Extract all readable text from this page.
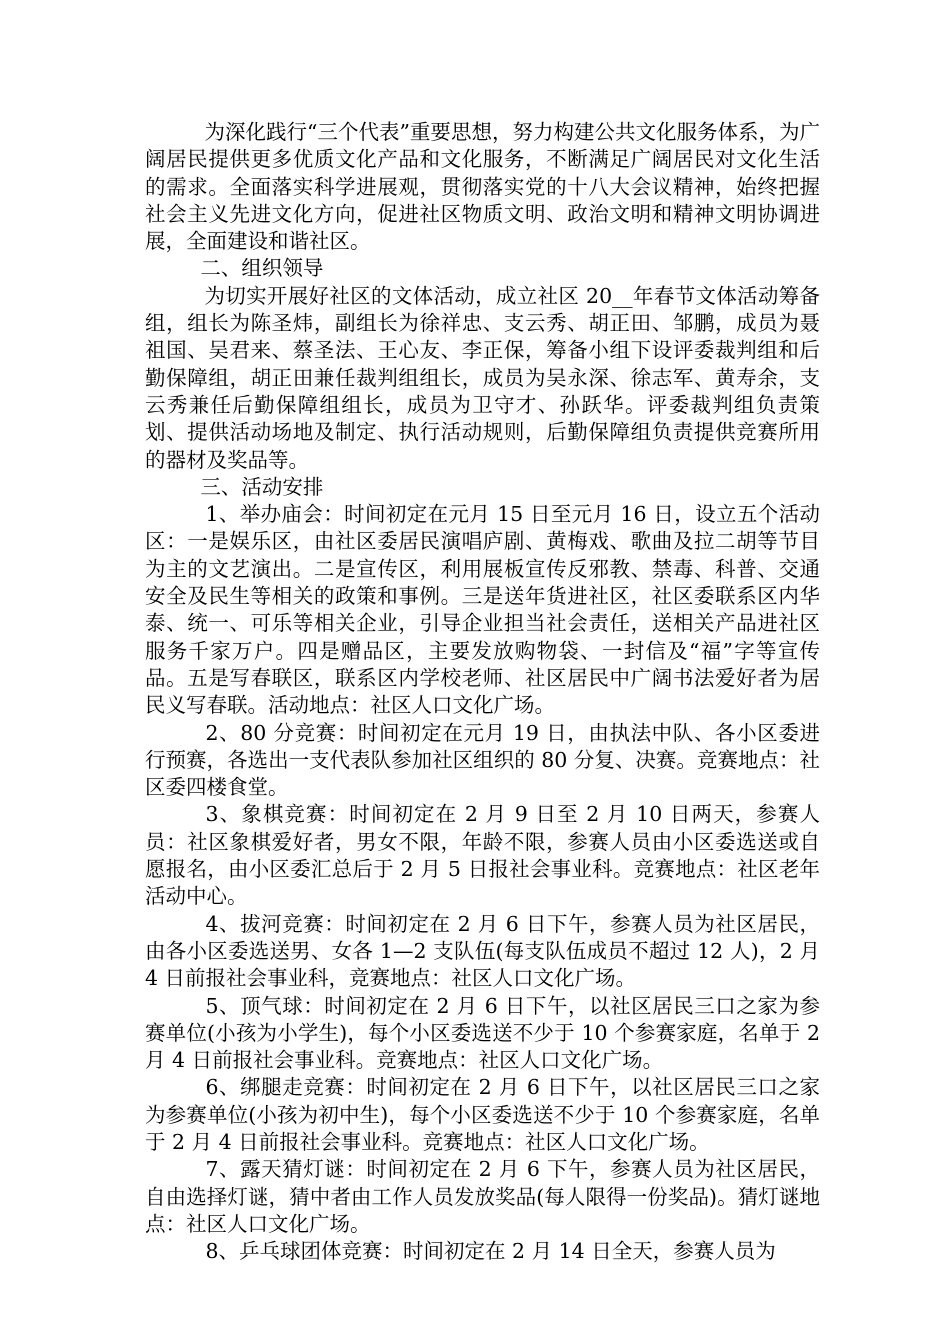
为深化践行“三个代表”重要思想，努力构建公共文化服务体系，为广阔居民提供更多优质文化产品和文化服务，不断满足广阔居民对文化生活的需求。全面落实科学进展观，贯彻落实党的十八大会议精神，始终把握社会主义先进文化方向，促进社区物质文明、政治文明和精神文明协调进展，全面建设和谐社区。

二、组织领导

为切实开展好社区的文体活动，成立社区 20__年春节文体活动筹备组，组长为陈圣炜，副组长为徐祥忠、支云秀、胡正田、邹鹏，成员为聂祖国、吴君来、蔡圣法、王心友、李正保，筹备小组下设评委裁判组和后勤保障组，胡正田兼任裁判组组长，成员为吴永深、徐志军、黄寿余，支云秀兼任后勤保障组组长，成员为卫守才、孙跃华。评委裁判组负责策划、提供活动场地及制定、执行活动规则，后勤保障组负责提供竞赛所用的器材及奖品等。

三、活动安排

1、举办庙会：时间初定在元月 15 日至元月 16 日，设立五个活动区：一是娱乐区，由社区委居民演唱庐剧、黄梅戏、歌曲及拉二胡等节目为主的文艺演出。二是宣传区，利用展板宣传反邪教、禁毒、科普、交通安全及民生等相关的政策和事例。三是送年货进社区，社区委联系区内华泰、统一、可乐等相关企业，引导企业担当社会责任，送相关产品进社区服务千家万户。四是赠品区，主要发放购物袋、一封信及“福”字等宣传品。五是写春联区，联系区内学校老师、社区居民中广阔书法爱好者为居民义写春联。活动地点：社区人口文化广场。

2、80 分竞赛：时间初定在元月 19 日，由执法中队、各小区委进行预赛，各选出一支代表队参加社区组织的 80 分复、决赛。竞赛地点：社区委四楼食堂。

3、象棋竞赛：时间初定在 2 月 9 日至 2 月 10 日两天，参赛人员：社区象棋爱好者，男女不限，年龄不限，参赛人员由小区委选送或自愿报名，由小区委汇总后于 2 月 5 日报社会事业科。竞赛地点：社区老年活动中心。

4、拔河竞赛：时间初定在 2 月 6 日下午，参赛人员为社区居民，由各小区委选送男、女各 1—2 支队伍(每支队伍成员不超过 12 人)，2 月 4 日前报社会事业科，竞赛地点：社区人口文化广场。

5、顶气球：时间初定在 2 月 6 日下午，以社区居民三口之家为参赛单位(小孩为小学生)，每个小区委选送不少于 10 个参赛家庭，名单于 2 月 4 日前报社会事业科。竞赛地点：社区人口文化广场。

6、绑腿走竞赛：时间初定在 2 月 6 日下午，以社区居民三口之家为参赛单位(小孩为初中生)，每个小区委选送不少于 10 个参赛家庭，名单于 2 月 4 日前报社会事业科。竞赛地点：社区人口文化广场。

7、露天猜灯谜：时间初定在 2 月 6 下午，参赛人员为社区居民，自由选择灯谜，猜中者由工作人员发放奖品(每人限得一份奖品)。猜灯谜地点：社区人口文化广场。

8、乒乓球团体竞赛：时间初定在 2 月 14 日全天，参赛人员为
